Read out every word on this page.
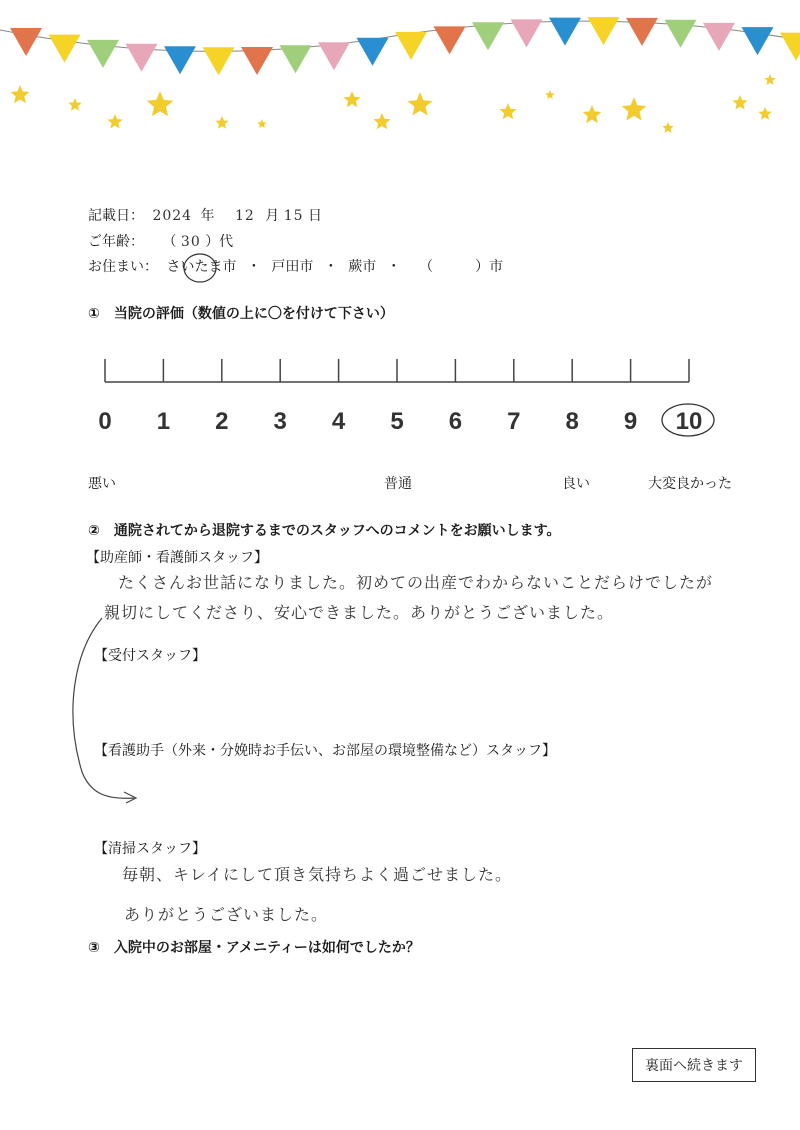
記載日： 2024 年 12 月 15 日
ご年齢： （ 30 ）代
お住まい： さいたま市 ・ 戸田市 ・ 蕨市 ・ （　　　）市
①　当院の評価（数値の上に〇を付けて下さい）
0	1	2	3	4	5	6	7	8	9	10
悪い	普通	良い	大変良かった
②　通院されてから退院するまでのスタッフへのコメントをお願いします。
【助産師・看護師スタッフ】
たくさんお世話になりました。初めての出産でわからないことだらけでしたが
親切にしてくださり、安心できました。ありがとうございました。
【受付スタッフ】
【看護助手（外来・分娩時お手伝い、お部屋の環境整備など）スタッフ】
【清掃スタッフ】
毎朝、キレイにして頂き気持ちよく過ごせました。
ありがとうございました。
③　入院中のお部屋・アメニティーは如何でしたか？
裏面へ続きます
